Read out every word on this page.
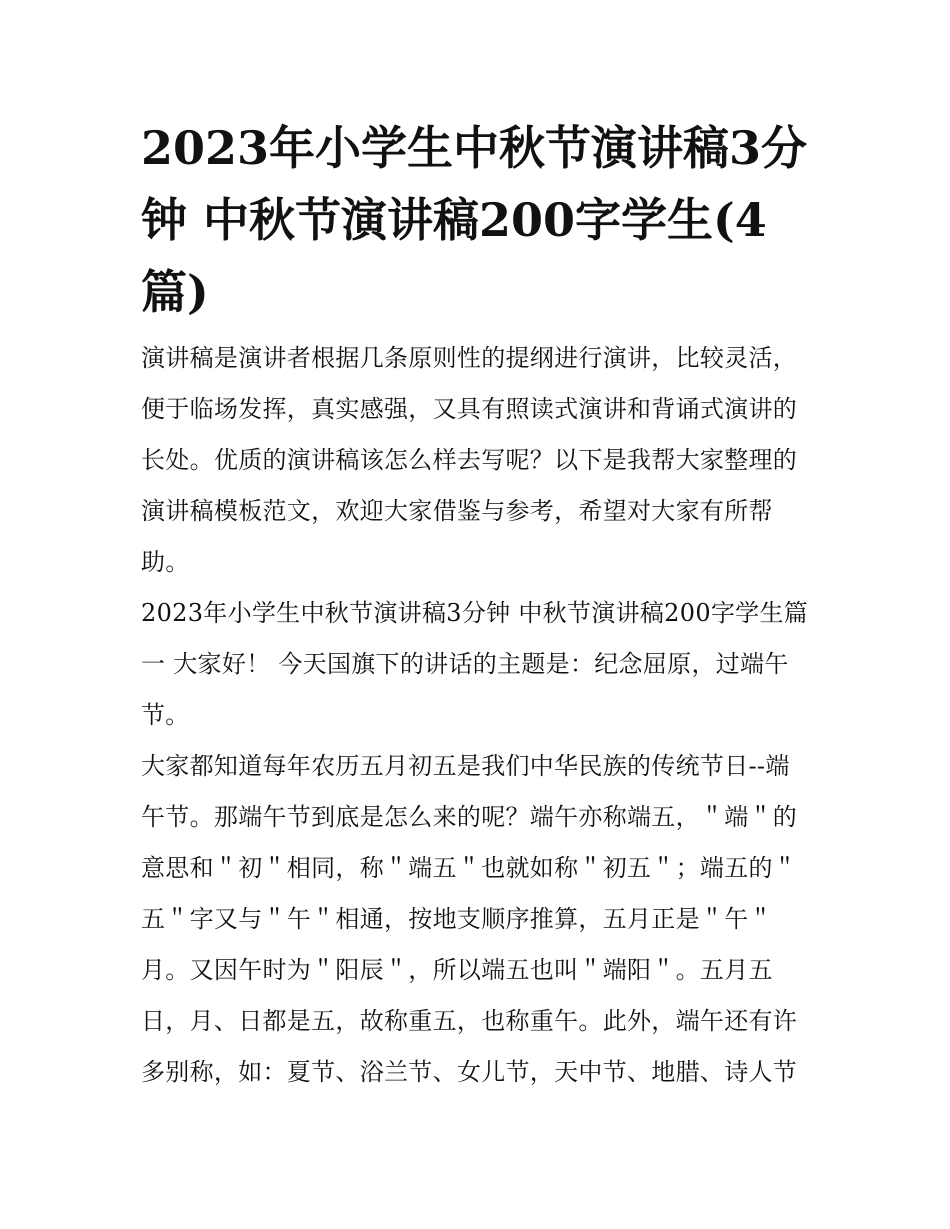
2023年小学生中秋节演讲稿3分钟 中秋节演讲稿200字学生(4篇)

演讲稿是演讲者根据几条原则性的提纲进行演讲，比较灵活，便于临场发挥，真实感强，又具有照读式演讲和背诵式演讲的长处。优质的演讲稿该怎么样去写呢？以下是我帮大家整理的演讲稿模板范文，欢迎大家借鉴与参考，希望对大家有所帮助。

2023年小学生中秋节演讲稿3分钟 中秋节演讲稿200字学生篇一 大家好！ 今天国旗下的讲话的主题是：纪念屈原，过端午节。

大家都知道每年农历五月初五是我们中华民族的传统节日--端午节。那端午节到底是怎么来的呢？端午亦称端五，＂端＂的意思和＂初＂相同，称＂端五＂也就如称＂初五＂；端五的＂五＂字又与＂午＂相通，按地支顺序推算，五月正是＂午＂月。又因午时为＂阳辰＂，所以端五也叫＂端阳＂。五月五日，月、日都是五，故称重五，也称重午。此外，端午还有许多别称，如：夏节、浴兰节、女儿节，天中节、地腊、诗人节
